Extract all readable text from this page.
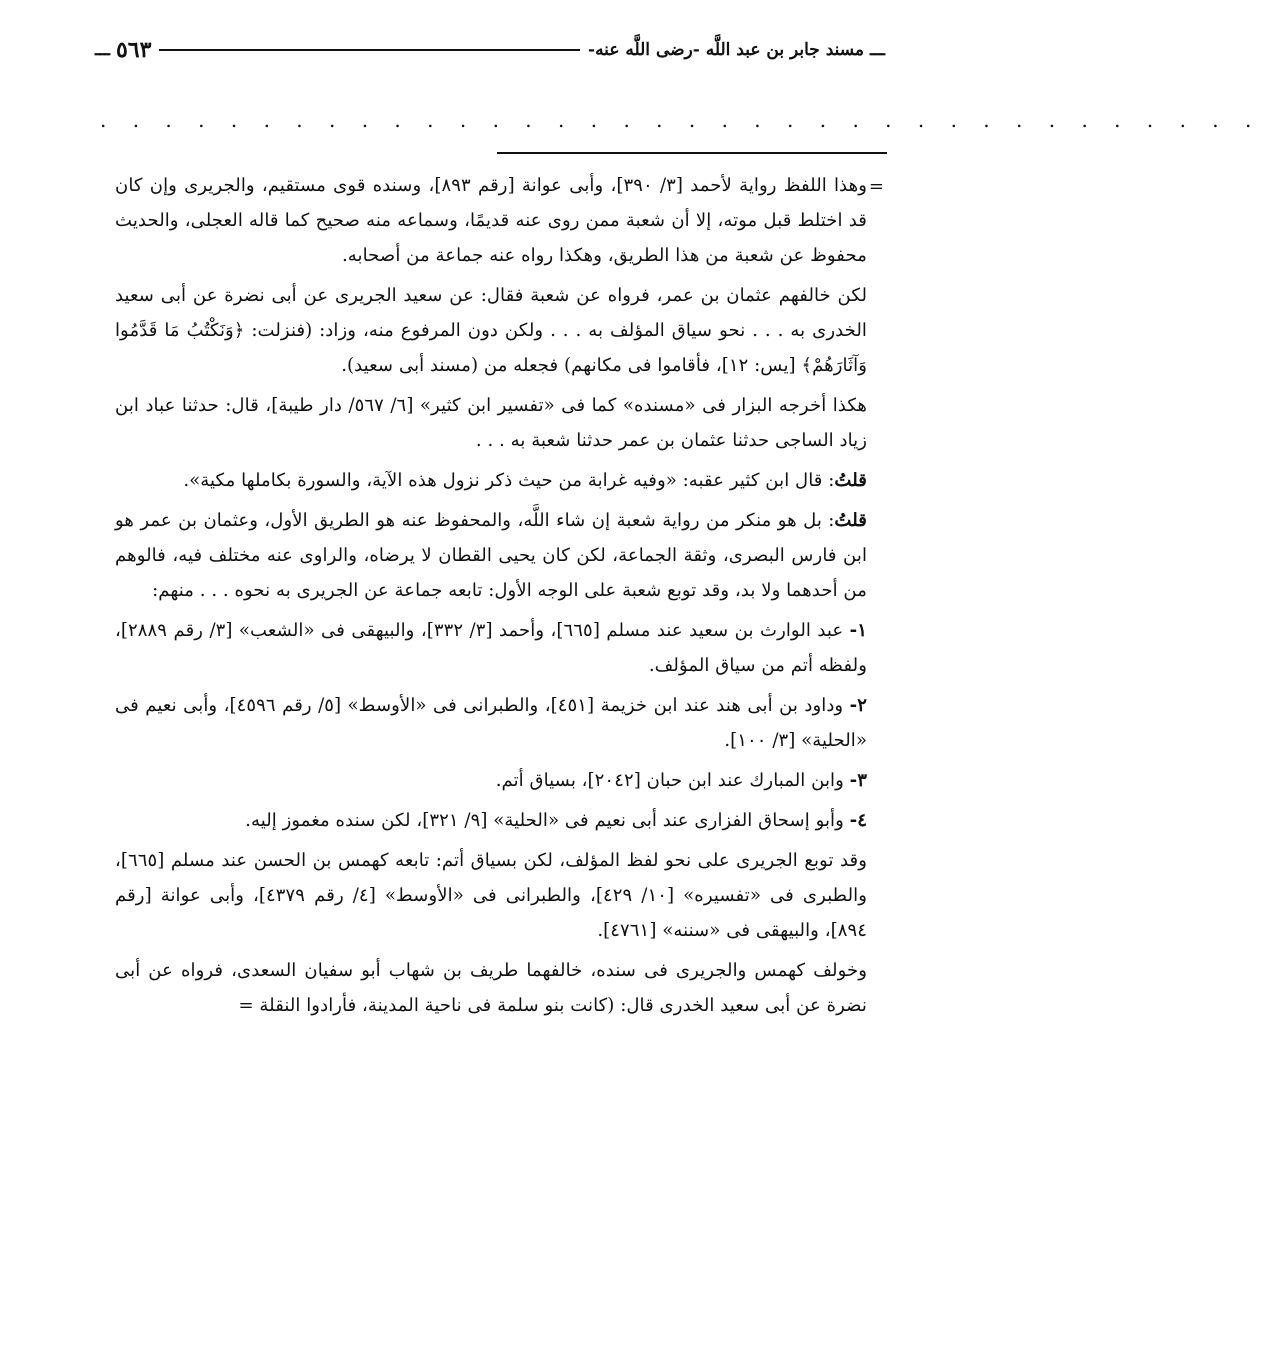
ـــ
مسند جابر بن عبد اللَّه -رضى اللَّه عنه-
٥٦٣
ـــ
. . . . . . . . . . . . . . . . . . . . . . . . . . . . . . . . . . . .
=

وهذا اللفظ رواية لأحمد [٣/ ٣٩٠]، وأبى عوانة [رقم ٨٩٣]، وسنده قوى مستقيم، والجريرى وإن كان قد اختلط قبل موته، إلا أن شعبة ممن روى عنه قديمًا، وسماعه منه صحيح كما قاله العجلى، والحديث محفوظ عن شعبة من هذا الطريق، وهكذا رواه عنه جماعة من أصحابه.

لكن خالفهم عثمان بن عمر، فرواه عن شعبة فقال: عن سعيد الجريرى عن أبى نضرة عن أبى سعيد الخدرى به . . . نحو سياق المؤلف به . . . ولكن دون المرفوع منه، وزاد: (فنزلت: ﴿وَنَكْتُبُ مَا قَدَّمُوا وَآثَارَهُمْ﴾ [يس: ١٢]، فأقاموا فى مكانهم) فجعله من (مسند أبى سعيد).

هكذا أخرجه البزار فى «مسنده» كما فى «تفسير ابن كثير» [٦/ ٥٦٧/ دار طيبة]، قال: حدثنا عباد ابن زياد الساجى حدثنا عثمان بن عمر حدثنا شعبة به . . .

قلتُ: قال ابن كثير عقبه: «وفيه غرابة من حيث ذكر نزول هذه الآية، والسورة بكاملها مكية».

قلتُ: بل هو منكر من رواية شعبة إن شاء اللَّه، والمحفوظ عنه هو الطريق الأول، وعثمان بن عمر هو ابن فارس البصرى، وثقة الجماعة، لكن كان يحيى القطان لا يرضاه، والراوى عنه مختلف فيه، فالوهم من أحدهما ولا بد، وقد توبع شعبة على الوجه الأول: تابعه جماعة عن الجريرى به نحوه . . . منهم:

١- عبد الوارث بن سعيد عند مسلم [٦٦٥]، وأحمد [٣/ ٣٣٢]، والبيهقى فى «الشعب» [٣/ رقم ٢٨٨٩]، ولفظه أتم من سياق المؤلف.

٢- وداود بن أبى هند عند ابن خزيمة [٤٥١]، والطبرانى فى «الأوسط» [٥/ رقم ٤٥٩٦]، وأبى نعيم فى «الحلية» [٣/ ١٠٠].

٣- وابن المبارك عند ابن حبان [٢٠٤٢]، بسياق أتم.

٤- وأبو إسحاق الفزارى عند أبى نعيم فى «الحلية» [٩/ ٣٢١]، لكن سنده مغموز إليه.

وقد توبع الجريرى على نحو لفظ المؤلف، لكن بسياق أتم: تابعه كهمس بن الحسن عند مسلم [٦٦٥]، والطبرى فى «تفسيره» [١٠/ ٤٢٩]، والطبرانى فى «الأوسط» [٤/ رقم ٤٣٧٩]، وأبى عوانة [رقم ٨٩٤]، والبيهقى فى «سننه» [٤٧٦١].

وخولف كهمس والجريرى فى سنده، خالفهما طريف بن شهاب أبو سفيان السعدى، فرواه عن أبى نضرة عن أبى سعيد الخدرى قال: (كانت بنو سلمة فى ناحية المدينة، فأرادوا النقلة =
